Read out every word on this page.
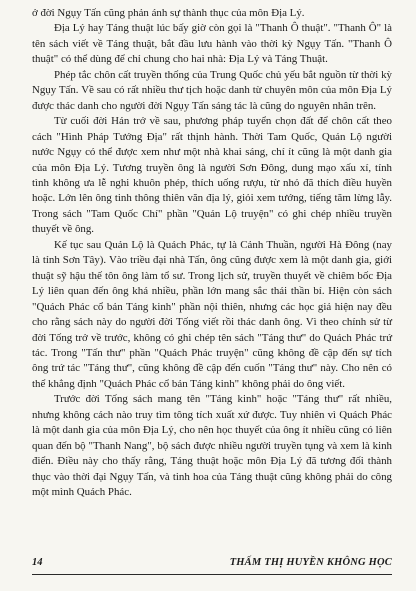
ở đời Ngụy Tấn cũng phản ánh sự thành thục của môn Địa Lý.

Địa Lý hay Táng thuật lúc bấy giờ còn gọi là "Thanh Ô thuật". "Thanh Ô" là tên sách viết về Táng thuật, bắt đầu lưu hành vào thời kỳ Ngụy Tấn. "Thanh Ô thuật" có thể dùng để chỉ chung cho hai nhà: Địa Lý và Táng Thuật.

Phép tắc chôn cất truyền thống của Trung Quốc chủ yếu bắt nguồn từ thời kỳ Ngụy Tấn. Về sau có rất nhiều thư tịch hoặc danh từ chuyên môn của môn Địa Lý được thác danh cho người đời Ngụy Tấn sáng tác là cũng do nguyên nhân trên.

Từ cuối đời Hán trở về sau, phương pháp tuyển chọn đất để chôn cất theo cách "Hình Pháp Tướng Địa" rất thịnh hành. Thời Tam Quốc, Quản Lộ người nước Ngụy có thể được xem như một nhà khai sáng, chí ít cũng là một danh gia của môn Địa Lý. Tương truyền ông là người Sơn Đông, dung mạo xấu xí, tính tình không ưa lễ nghi khuôn phép, thích uống rượu, từ nhỏ đã thích điều huyền hoặc. Lớn lên ông tinh thông thiên văn địa lý, giỏi xem tướng, tiếng tăm lừng lẫy. Trong sách "Tam Quốc Chí" phần "Quản Lộ truyện" có ghi chép nhiều truyền thuyết về ông.

Kế tục sau Quản Lộ là Quách Phác, tự là Cảnh Thuần, người Hà Đông (nay là tỉnh Sơn Tây). Vào triều đại nhà Tấn, ông cũng được xem là một danh gia, giới thuật sỹ hậu thế tôn ông làm tổ sư. Trong lịch sử, truyền thuyết về chiêm bốc Địa Lý liên quan đến ông khá nhiều, phần lớn mang sắc thái thần bí. Hiện còn sách "Quách Phác cổ bản Táng kinh" phần nội thiên, nhưng các học giả hiện nay đều cho rằng sách này do người đời Tống viết rồi thác danh ông. Vì theo chính sử từ đời Tống trở về trước, không có ghi chép tên sách "Táng thư" do Quách Phác trứ tác. Trong "Tấn thư" phần "Quách Phác truyện" cũng không đề cập đến sự tích ông trứ tác "Táng thư", cũng không đề cập đến cuốn "Táng thư" này. Cho nên có thể khẳng định "Quách Phác cổ bản Táng kinh" không phải do ông viết.

Trước đời Tống sách mang tên "Táng kinh" hoặc "Táng thư" rất nhiều, nhưng không cách nào truy tìm tông tích xuất xứ được. Tuy nhiên vì Quách Phác là một danh gia của môn Địa Lý, cho nên học thuyết của ông ít nhiều cũng có liên quan đến bộ "Thanh Nang", bộ sách được nhiều người truyền tụng và xem là kinh điển. Điều này cho thấy rằng, Táng thuật hoặc môn Địa Lý đã tương đối thành thục vào thời đại Ngụy Tấn, và tinh hoa của Táng thuật cũng không phải do công một mình Quách Phác.

14	THẤM THỊ HUYỀN KHÔNG HỌC
